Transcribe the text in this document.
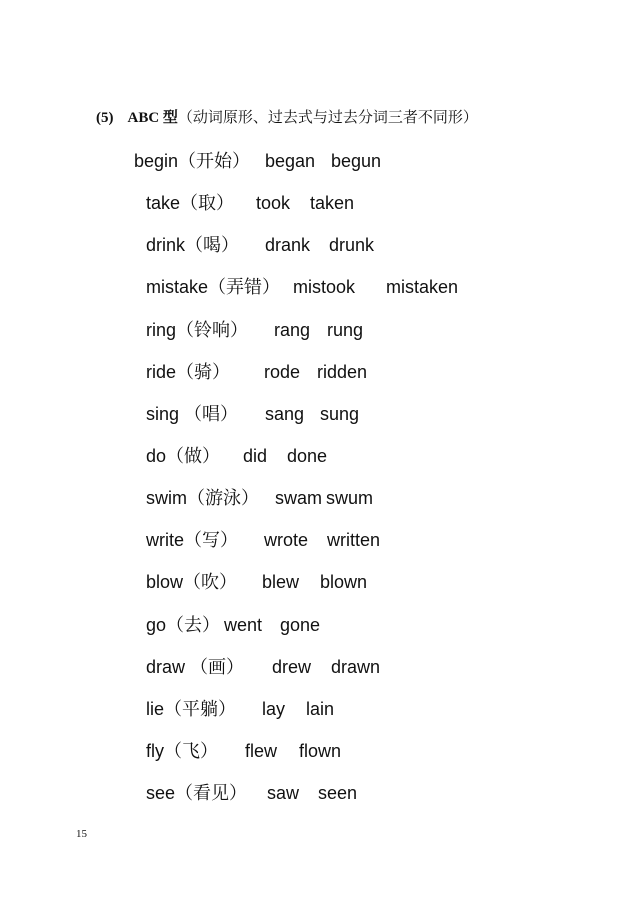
(5) ABC 型（动词原形、过去式与过去分词三者不同形）
begin（开始） began begun
take（取） took taken
drink（喝） drank drunk
mistake（弄错） mistook mistaken
ring（铃响） rang rung
ride（骑） rode ridden
sing （唱） sang sung
do（做） did done
swim（游泳） swam swum
write（写） wrote written
blow（吹） blew blown
go（去） went gone
draw （画） drew drawn
lie（平躺） lay lain
fly（飞） flew flown
see（看见） saw seen
15
